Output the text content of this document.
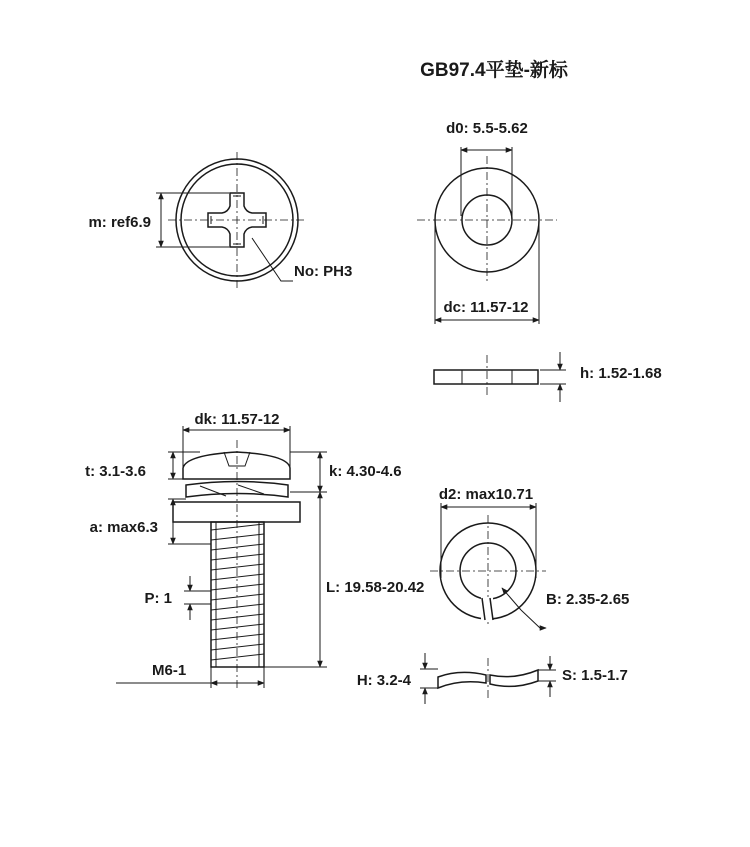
GB97.4平垫-新标
m: ref6.9
No: PH3
d0: 5.5-5.62
dc: 11.57-12
h: 1.52-1.68
dk: 11.57-12
t: 3.1-3.6	k: 4.30-4.6
a: max6.3
P: 1
L: 19.58-20.42
M6-1
d2: max10.71
B: 2.35-2.65
H: 3.2-4	S: 1.5-1.7
